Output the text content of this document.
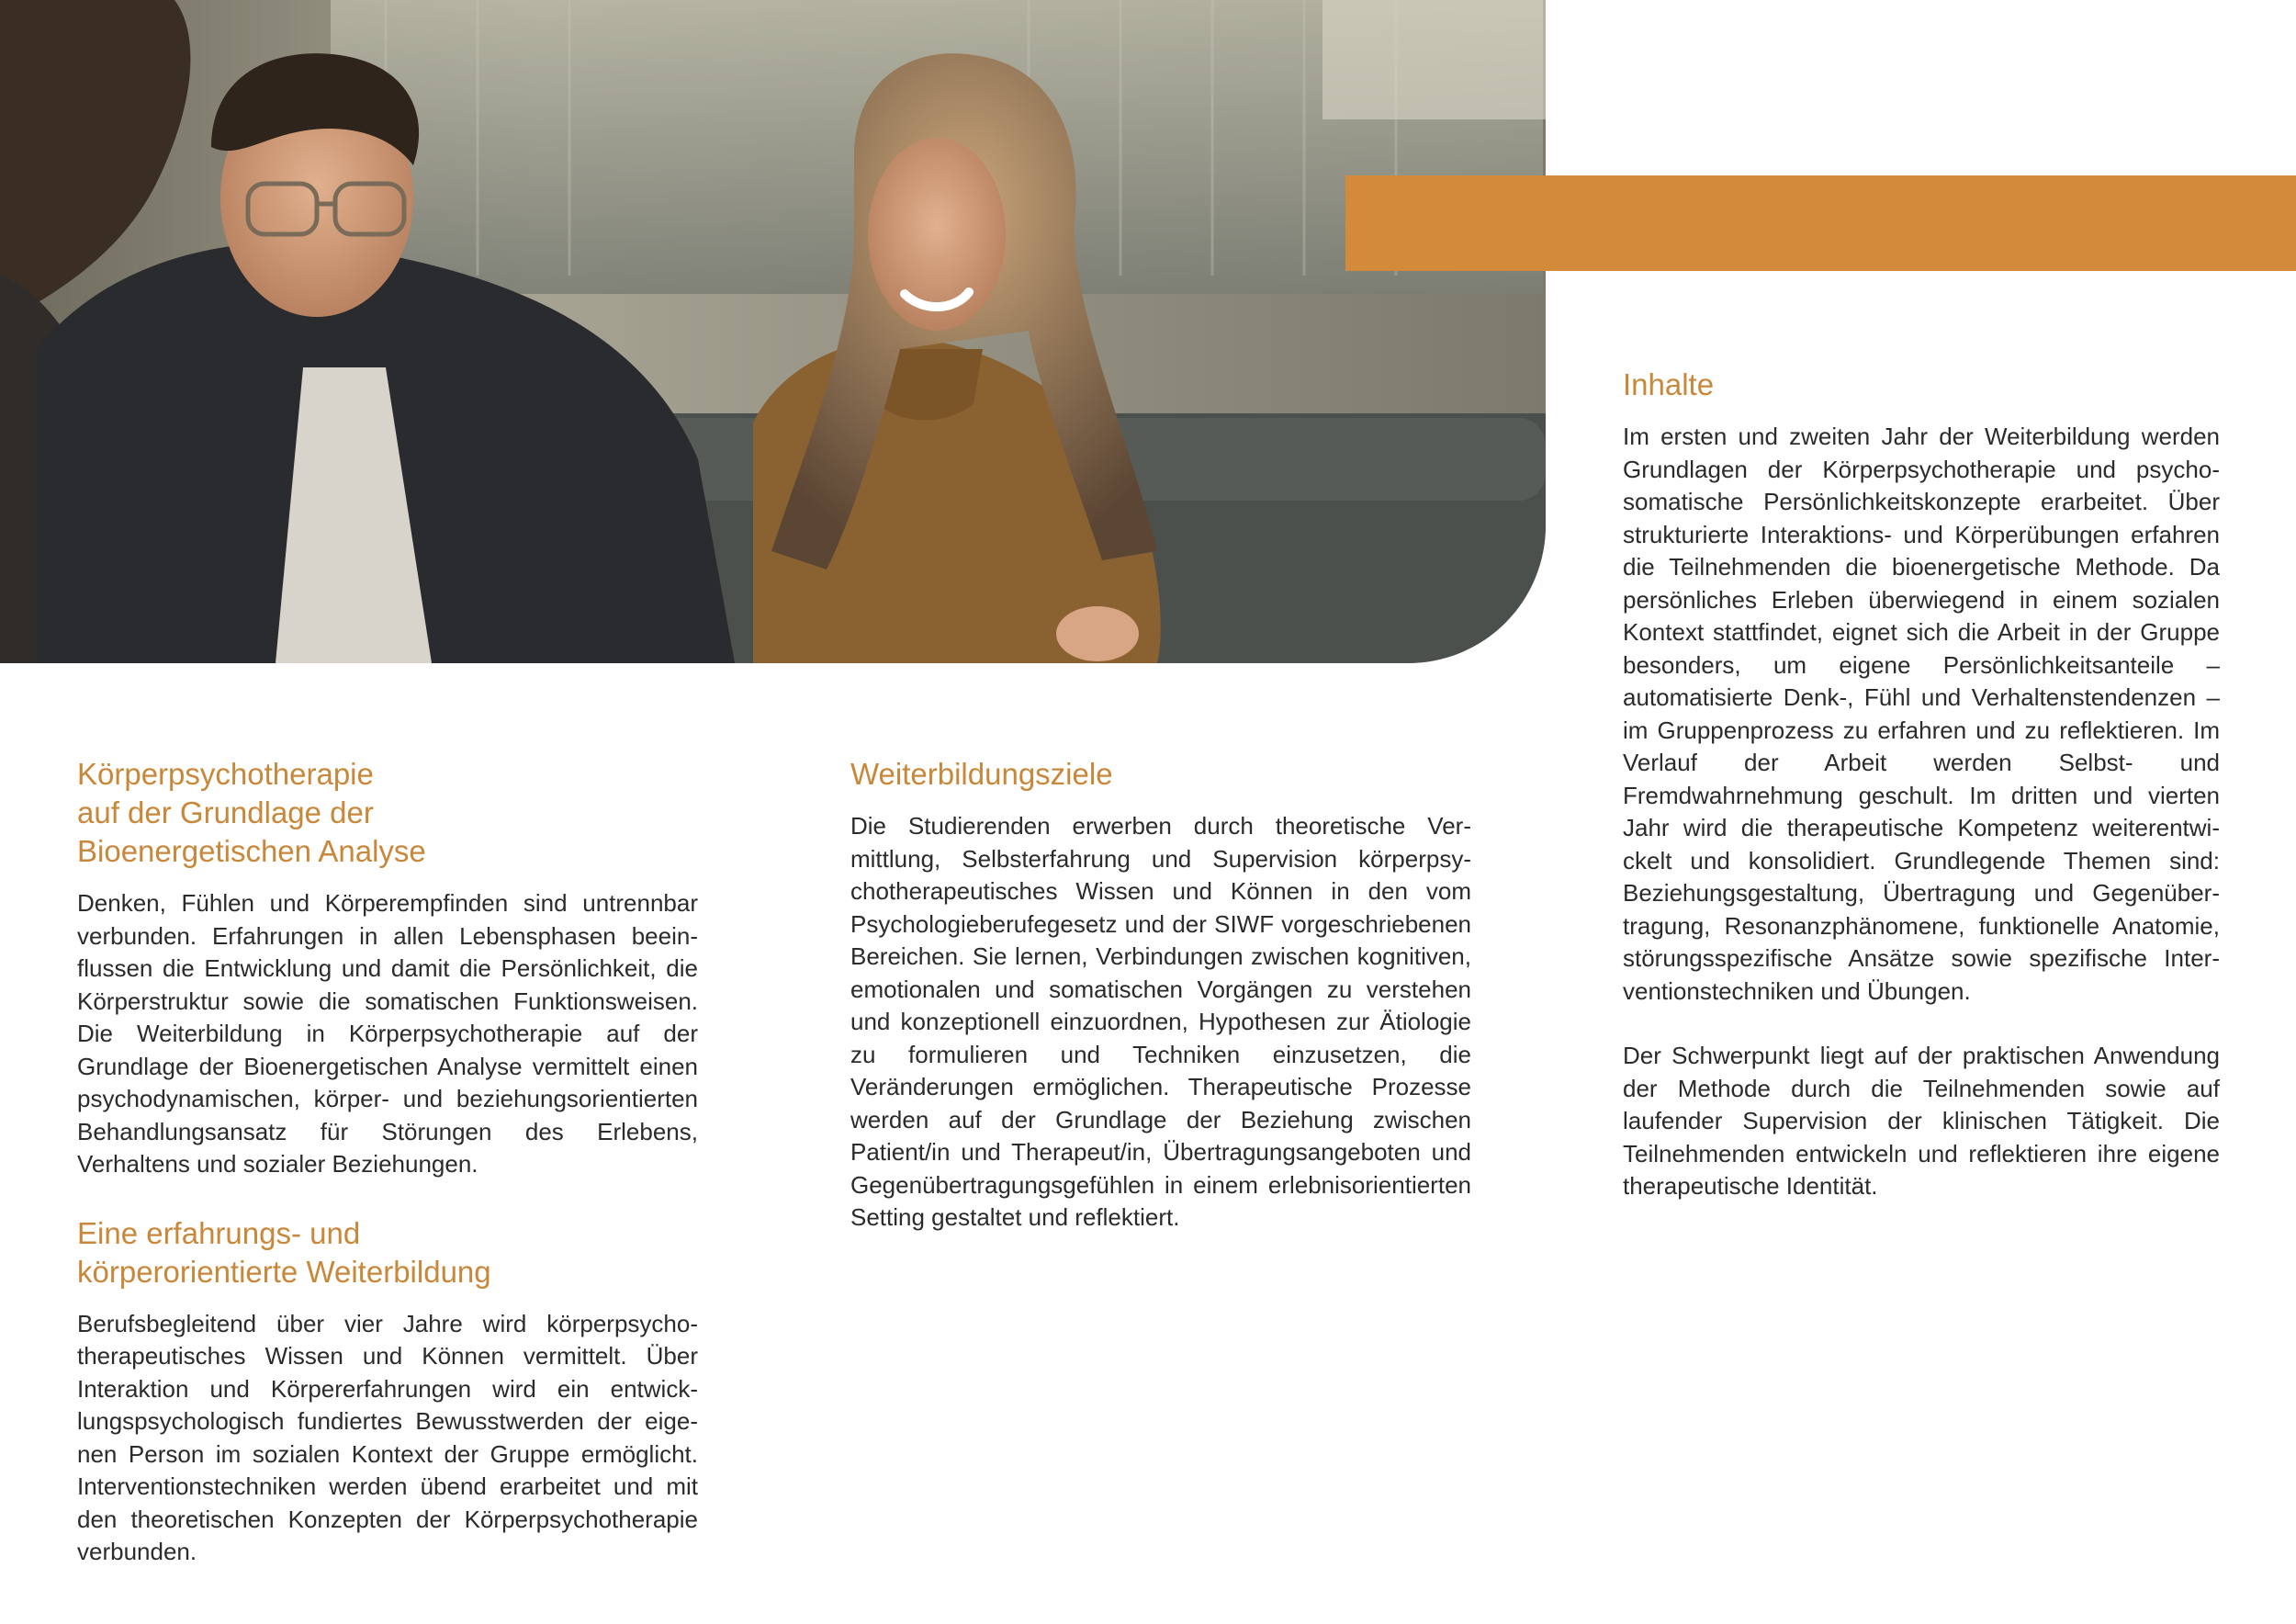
Körperpsychotherapie
auf der Grundlage der
Bioenergetischen Analyse

Denken, Fühlen und Körperempfinden sind untrennbar verbunden. Erfahrungen in allen Lebensphasen beeinflussen die Entwicklung und damit die Persönlichkeit, die Körperstruktur sowie die somatischen Funktionsweisen. Die Weiterbildung in Körperpsychotherapie auf der Grundlage der Bioenergetischen Analyse vermittelt einen psychodynamischen, körper- und beziehungsorientierten Behandlungsansatz für Störungen des Erlebens, Verhaltens und sozialer Beziehungen.

Eine erfahrungs- und
körperorientierte Weiterbildung

Berufsbegleitend über vier Jahre wird körperpsychotherapeutisches Wissen und Können vermittelt. Über Interaktion und Körpererfahrungen wird ein entwicklungspsychologisch fundiertes Bewusstwerden der eigenen Person im sozialen Kontext der Gruppe ermöglicht. Interventionstechniken werden übend erarbeitet und mit den theoretischen Konzepten der Körperpsychotherapie verbunden.

Weiterbildungsziele

Die Studierenden erwerben durch theoretische Vermittlung, Selbsterfahrung und Supervision körperpsychotherapeutisches Wissen und Können in den vom Psychologieberufegesetz und der SIWF vorgeschriebenen Bereichen. Sie lernen, Verbindungen zwischen kognitiven, emotionalen und somatischen Vorgängen zu verstehen und konzeptionell einzuordnen, Hypothesen zur Ätiologie zu formulieren und Techniken einzusetzen, die Veränderungen ermöglichen. Therapeutische Prozesse werden auf der Grundlage der Beziehung zwischen Patient/in und Therapeut/in, Übertragungsangeboten und Gegenübertragungsgefühlen in einem erlebnisorientierten Setting gestaltet und reflektiert.

Inhalte

Im ersten und zweiten Jahr der Weiterbildung werden Grundlagen der Körperpsychotherapie und psychosomatische Persönlichkeitskonzepte erarbeitet. Über strukturierte Interaktions- und Körperübungen erfahren die Teilnehmenden die bioenergetische Methode. Da persönliches Erleben überwiegend in einem sozialen Kontext stattfindet, eignet sich die Arbeit in der Gruppe besonders, um eigene Persönlichkeitsanteile – automatisierte Denk-, Fühl und Verhaltenstendenzen – im Gruppenprozess zu erfahren und zu reflektieren. Im Verlauf der Arbeit werden Selbst- und Fremdwahrnehmung geschult. Im dritten und vierten Jahr wird die therapeutische Kompetenz weiterentwickelt und konsolidiert. Grundlegende Themen sind: Beziehungsgestaltung, Übertragung und Gegenübertragung, Resonanzphänomene, funktionelle Anatomie, störungsspezifische Ansätze sowie spezifische Interventionstechniken und Übungen.

Der Schwerpunkt liegt auf der praktischen Anwendung der Methode durch die Teilnehmenden sowie auf laufender Supervision der klinischen Tätigkeit. Die Teilnehmenden entwickeln und reflektieren ihre eigene therapeutische Identität.
